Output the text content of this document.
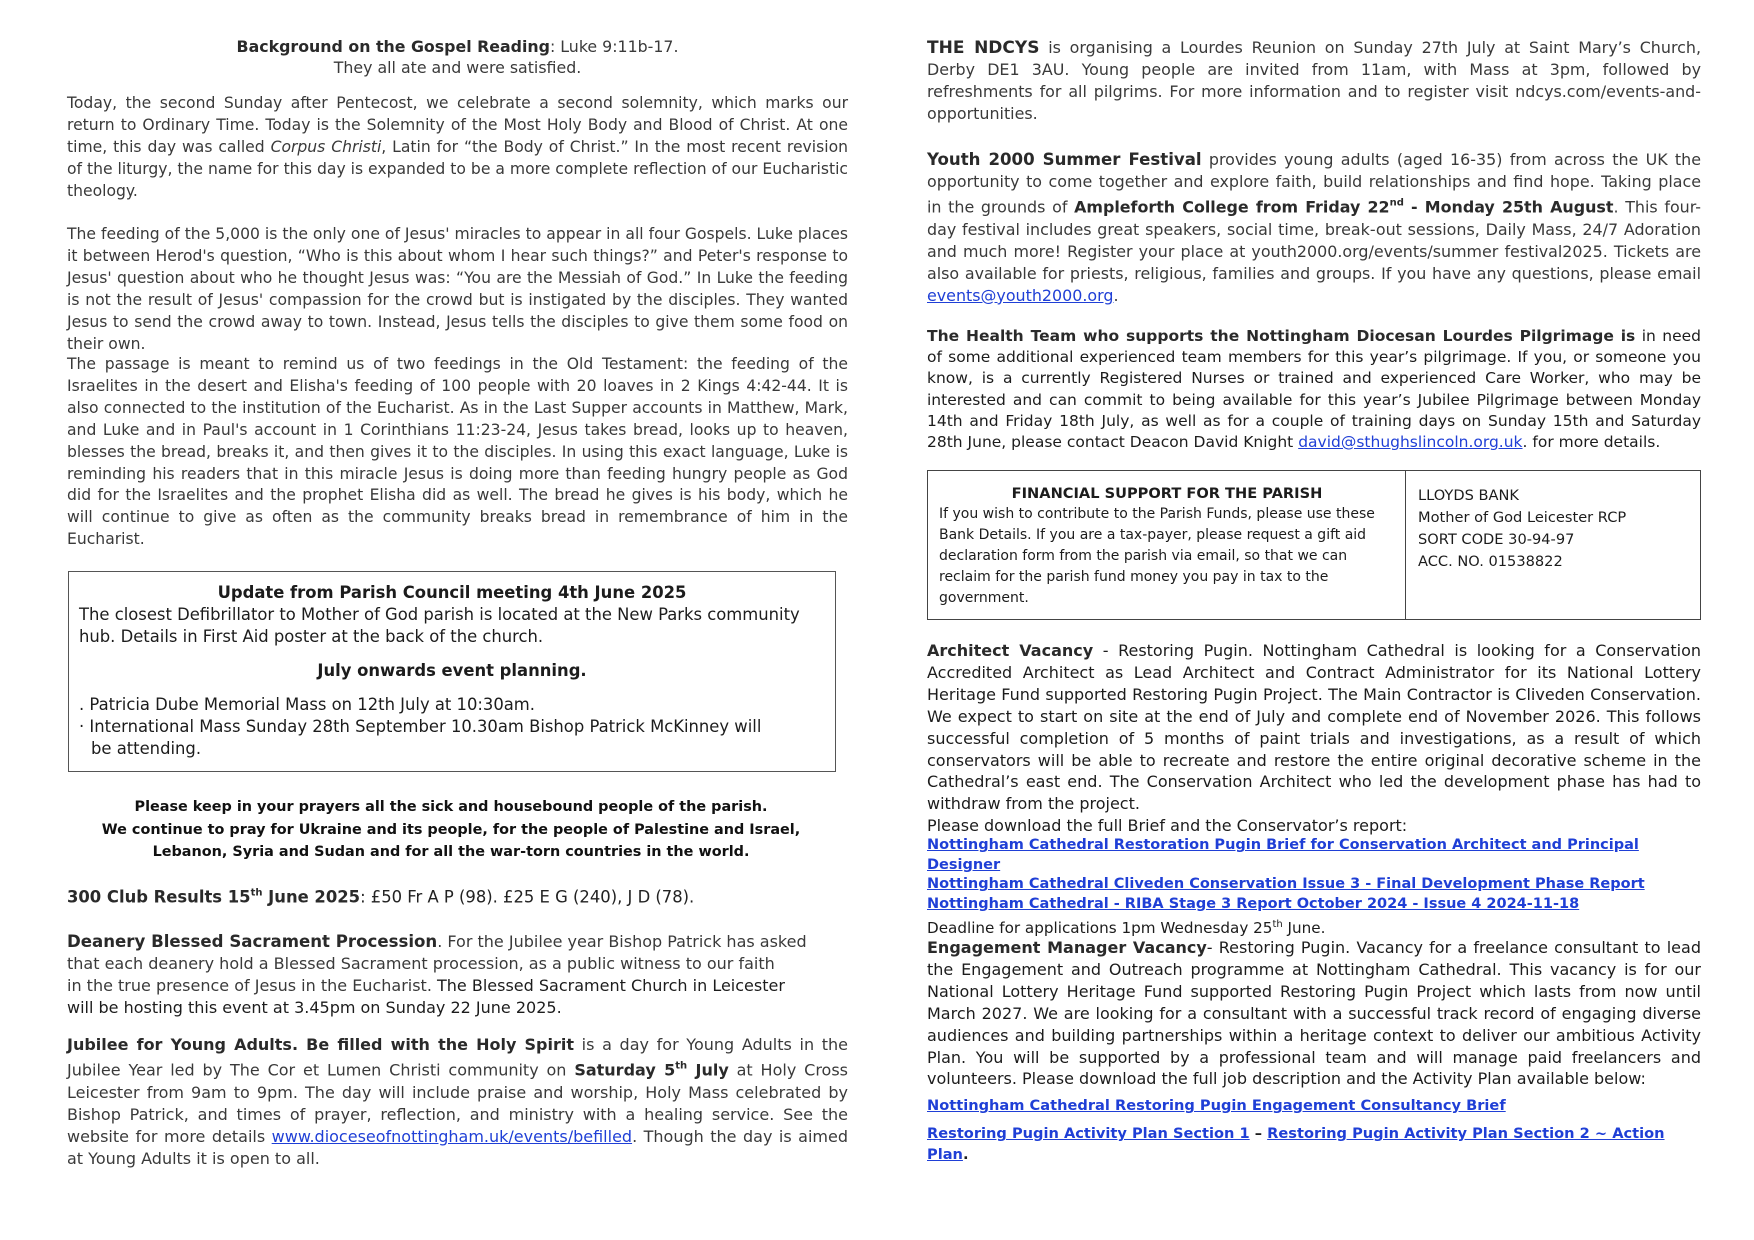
Background on the Gospel Reading: Luke 9:11b-17.
They all ate and were satisfied.

Today, the second Sunday after Pentecost, we celebrate a second solemnity, which marks our return to Ordinary Time. Today is the Solemnity of the Most Holy Body and Blood of Christ. At one time, this day was called Corpus Christi, Latin for “the Body of Christ.” In the most recent revision of the liturgy, the name for this day is expanded to be a more complete reflection of our Eucharistic theology.

The feeding of the 5,000 is the only one of Jesus' miracles to appear in all four Gospels. Luke places it between Herod's question, “Who is this about whom I hear such things?” and Peter's response to Jesus' question about who he thought Jesus was: “You are the Messiah of God.” In Luke the feeding is not the result of Jesus' compassion for the crowd but is instigated by the disciples. They wanted Jesus to send the crowd away to town. Instead, Jesus tells the disciples to give them some food on their own.

The passage is meant to remind us of two feedings in the Old Testament: the feeding of the Israelites in the desert and Elisha's feeding of 100 people with 20 loaves in 2 Kings 4:42-44. It is also connected to the institution of the Eucharist. As in the Last Supper accounts in Matthew, Mark, and Luke and in Paul's account in 1 Corinthians 11:23-24, Jesus takes bread, looks up to heaven, blesses the bread, breaks it, and then gives it to the disciples. In using this exact language, Luke is reminding his readers that in this miracle Jesus is doing more than feeding hungry people as God did for the Israelites and the prophet Elisha did as well. The bread he gives is his body, which he will continue to give as often as the community breaks bread in remembrance of him in the Eucharist.

Update from Parish Council meeting 4th June 2025
The closest Defibrillator to Mother of God parish is located at the New Parks community hub. Details in First Aid poster at the back of the church.
July onwards event planning.
. Patricia Dube Memorial Mass on 12th July at 10:30am.
· International Mass Sunday 28th September 10.30am Bishop Patrick McKinney will
be attending.
Please keep in your prayers all the sick and housebound people of the parish.
We continue to pray for Ukraine and its people, for the people of Palestine and Israel,
Lebanon, Syria and Sudan and for all the war-torn countries in the world.

300 Club Results 15th June 2025: £50 Fr A P (98). £25 E G (240), J D (78).

Deanery Blessed Sacrament Procession. For the Jubilee year Bishop Patrick has asked
that each deanery hold a Blessed Sacrament procession, as a public witness to our faith
in the true presence of Jesus in the Eucharist. The Blessed Sacrament Church in Leicester
will be hosting this event at 3.45pm on Sunday 22 June 2025.

Jubilee for Young Adults. Be filled with the Holy Spirit is a day for Young Adults in the Jubilee Year led by The Cor et Lumen Christi community on Saturday 5th July at Holy Cross Leicester from 9am to 9pm. The day will include praise and worship, Holy Mass celebrated by Bishop Patrick, and times of prayer, reflection, and ministry with a healing service. See the website for more details www.dioceseofnottingham.uk/events/befilled. Though the day is aimed at Young Adults it is open to all.

THE NDCYS is organising a Lourdes Reunion on Sunday 27th July at Saint Mary’s Church, Derby DE1 3AU. Young people are invited from 11am, with Mass at 3pm, followed by refreshments for all pilgrims. For more information and to register visit ndcys.com/events-and- opportunities.

Youth 2000 Summer Festival provides young adults (aged 16-35) from across the UK the opportunity to come together and explore faith, build relationships and find hope. Taking place in the grounds of Ampleforth College from Friday 22nd - Monday 25th August. This four-day festival includes great speakers, social time, break-out sessions, Daily Mass, 24/7 Adoration and much more! Register your place at youth2000.org/events/summer festival2025. Tickets are also available for priests, religious, families and groups. If you have any questions, please email events@youth2000.org.

The Health Team who supports the Nottingham Diocesan Lourdes Pilgrimage is in need of some additional experienced team members for this year’s pilgrimage. If you, or someone you know, is a currently Registered Nurses or trained and experienced Care Worker, who may be interested and can commit to being available for this year’s Jubilee Pilgrimage between Monday 14th and Friday 18th July, as well as for a couple of training days on Sunday 15th and Saturday 28th June, please contact Deacon David Knight david@sthughslincoln.org.uk. for more details.

FINANCIAL SUPPORT FOR THE PARISH
If you wish to contribute to the Parish Funds, please use these Bank Details. If you are a tax-payer, please request a gift aid declaration form from the parish via email, so that we can reclaim for the parish fund money you pay in tax to the government.
LLOYDS BANK
Mother of God Leicester RCP
SORT CODE 30-94-97
ACC. NO. 01538822

Architect Vacancy - Restoring Pugin. Nottingham Cathedral is looking for a Conservation Accredited Architect as Lead Architect and Contract Administrator for its National Lottery Heritage Fund supported Restoring Pugin Project. The Main Contractor is Cliveden Conservation. We expect to start on site at the end of July and complete end of November 2026. This follows successful completion of 5 months of paint trials and investigations, as a result of which conservators will be able to recreate and restore the entire original decorative scheme in the Cathedral’s east end. The Conservation Architect who led the development phase has had to withdraw from the project.

Please download the full Brief and the Conservator’s report:
Nottingham Cathedral Restoration Pugin Brief for Conservation Architect and Principal Designer
Nottingham Cathedral Cliveden Conservation Issue 3 - Final Development Phase Report
Nottingham Cathedral - RIBA Stage 3 Report October 2024 - Issue 4 2024-11-18
Deadline for applications 1pm Wednesday 25th June.

Engagement Manager Vacancy- Restoring Pugin. Vacancy for a freelance consultant to lead the Engagement and Outreach programme at Nottingham Cathedral. This vacancy is for our National Lottery Heritage Fund supported Restoring Pugin Project which lasts from now until March 2027. We are looking for a consultant with a successful track record of engaging diverse audiences and building partnerships within a heritage context to deliver our ambitious Activity Plan. You will be supported by a professional team and will manage paid freelancers and volunteers. Please download the full job description and the Activity Plan available below:

Nottingham Cathedral Restoring Pugin Engagement Consultancy Brief
Restoring Pugin Activity Plan Section 1 – Restoring Pugin Activity Plan Section 2 ~ Action Plan.
